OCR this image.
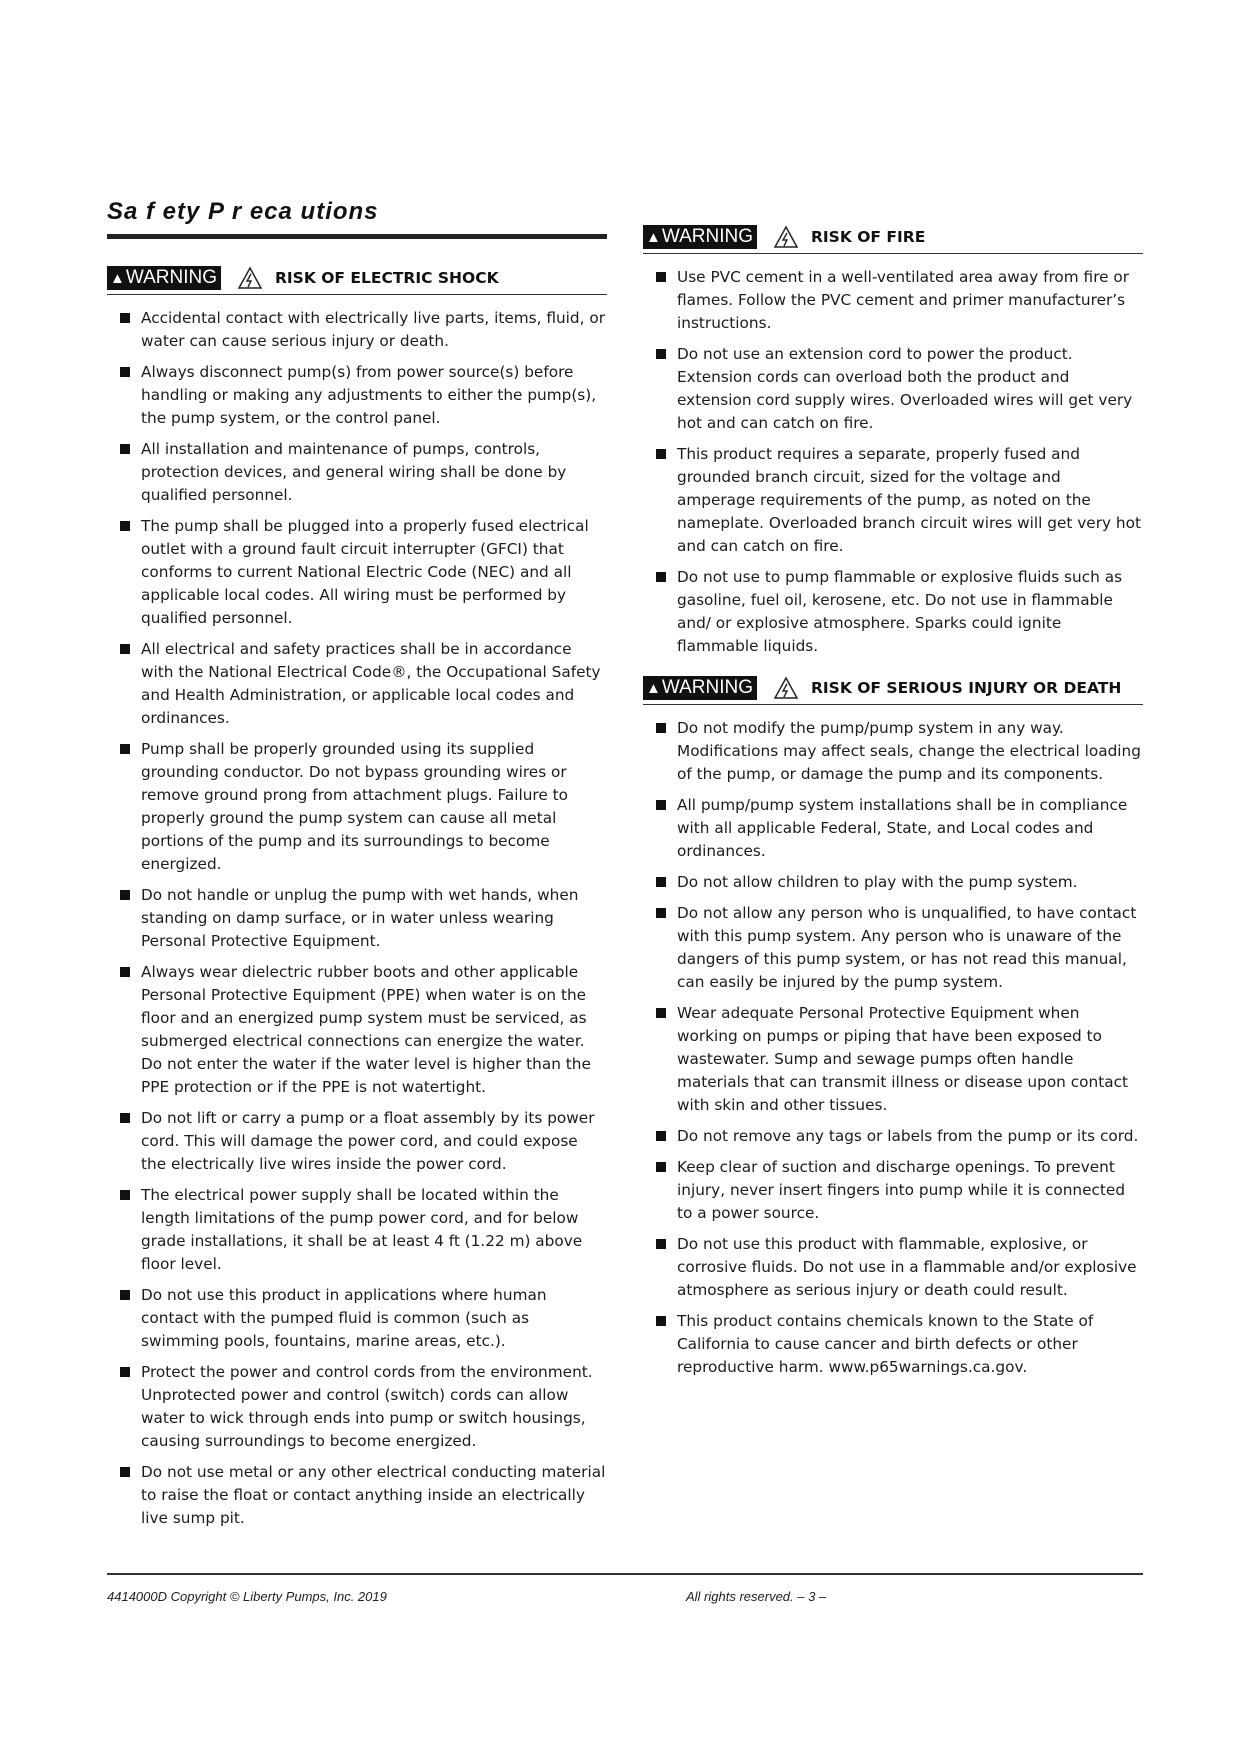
Sa f ety P r eca utions
▲ WARNING	RISK OF ELECTRIC SHOCK
Accidental contact with electrically live parts, items, fluid, or water can cause serious injury or death.
Always disconnect pump(s) from power source(s) before handling or making any adjustments to either the pump(s), the pump system, or the control panel.
All installation and maintenance of pumps, controls, protection devices, and general wiring shall be done by qualified personnel.
The pump shall be plugged into a properly fused electrical outlet with a ground fault circuit interrupter (GFCI) that conforms to current National Electric Code (NEC) and all applicable local codes. All wiring must be performed by qualified personnel.
All electrical and safety practices shall be in accordance with the National Electrical Code®, the Occupational Safety and Health Administration, or applicable local codes and ordinances.
Pump shall be properly grounded using its supplied grounding conductor. Do not bypass grounding wires or remove ground prong from attachment plugs. Failure to properly ground the pump system can cause all metal portions of the pump and its surroundings to become energized.
Do not handle or unplug the pump with wet hands, when standing on damp surface, or in water unless wearing Personal Protective Equipment.
Always wear dielectric rubber boots and other applicable Personal Protective Equipment (PPE) when water is on the floor and an energized pump system must be serviced, as submerged electrical connections can energize the water. Do not enter the water if the water level is higher than the PPE protection or if the PPE is not watertight.
Do not lift or carry a pump or a float assembly by its power cord. This will damage the power cord, and could expose the electrically live wires inside the power cord.
The electrical power supply shall be located within the length limitations of the pump power cord, and for below grade installations, it shall be at least 4 ft (1.22 m) above floor level.
Do not use this product in applications where human contact with the pumped fluid is common (such as swimming pools, fountains, marine areas, etc.).
Protect the power and control cords from the environment. Unprotected power and control (switch) cords can allow water to wick through ends into pump or switch housings, causing surroundings to become energized.
Do not use metal or any other electrical conducting material to raise the float or contact anything inside an electrically live sump pit.
▲ WARNING	RISK OF FIRE
Use PVC cement in a well-ventilated area away from fire or flames. Follow the PVC cement and primer manufacturer’s instructions.
Do not use an extension cord to power the product. Extension cords can overload both the product and extension cord supply wires. Overloaded wires will get very hot and can catch on fire.
This product requires a separate, properly fused and grounded branch circuit, sized for the voltage and amperage requirements of the pump, as noted on the nameplate. Overloaded branch circuit wires will get very hot and can catch on fire.
Do not use to pump flammable or explosive fluids such as gasoline, fuel oil, kerosene, etc. Do not use in flammable and/ or explosive atmosphere. Sparks could ignite flammable liquids.
▲ WARNING	RISK OF SERIOUS INJURY OR DEATH
Do not modify the pump/pump system in any way. Modifications may affect seals, change the electrical loading of the pump, or damage the pump and its components.
All pump/pump system installations shall be in compliance with all applicable Federal, State, and Local codes and ordinances.
Do not allow children to play with the pump system.
Do not allow any person who is unqualified, to have contact with this pump system. Any person who is unaware of the dangers of this pump system, or has not read this manual, can easily be injured by the pump system.
Wear adequate Personal Protective Equipment when working on pumps or piping that have been exposed to wastewater. Sump and sewage pumps often handle materials that can transmit illness or disease upon contact with skin and other tissues.
Do not remove any tags or labels from the pump or its cord.
Keep clear of suction and discharge openings. To prevent injury, never insert fingers into pump while it is connected to a power source.
Do not use this product with flammable, explosive, or corrosive fluids. Do not use in a flammable and/or explosive atmosphere as serious injury or death could result.
This product contains chemicals known to the State of California to cause cancer and birth defects or other reproductive harm. www.p65warnings.ca.gov.
4414000D Copyright © Liberty Pumps, Inc. 2019	All rights reserved. – 3 –
